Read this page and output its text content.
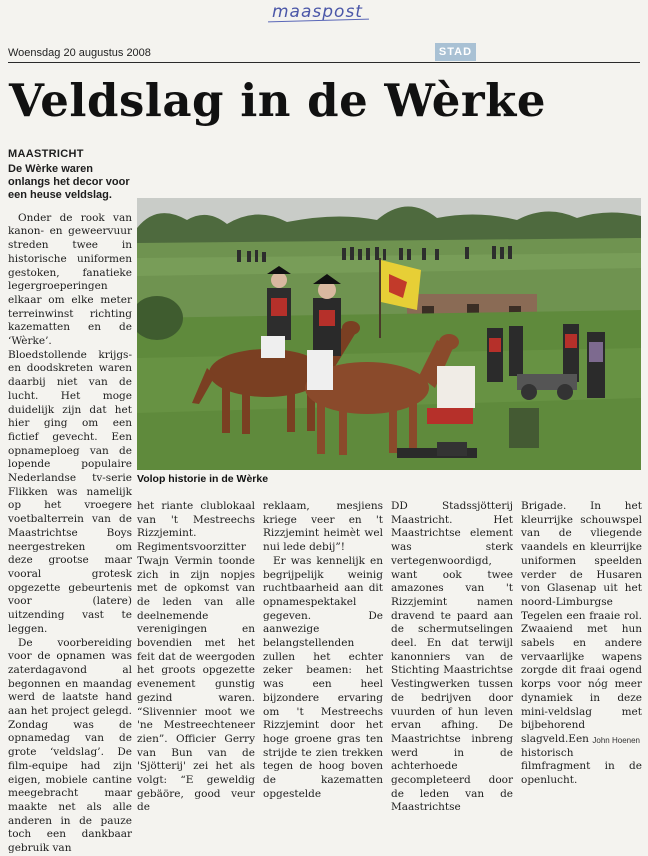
maaspost
Woensdag 20 augustus 2008	STAD
Veldslag in de Wèrke
MAASTRICHT
De Wèrke waren onlangs het decor voor een heuse veldslag.

Onder de rook van kanon- en geweervuur streden twee in historische uniformen gestoken, fanatieke legergroeperingen elkaar om elke meter terreinwinst richting kazematten en de ‘Wèrke’. Bloedstollende krijgs- en doodskreten waren daarbij niet van de lucht. Het moge duidelijk zijn dat het hier ging om een fictief gevecht. Een opnameploeg van de lopende populaire Nederlandse tv-serie Flikken was namelijk op het vroegere voetbalterrein van de Maastrichtse Boys neergestreken om deze grootse maar vooral grotesk opgezette gebeurtenis voor (latere) uitzending vast te leggen.

De voorbereiding voor de opnamen was zaterdagavond al begonnen en maandag werd de laatste hand aan het project gelegd. Zondag was de opnamedag van de grote ‘veldslag’. De film-equipe had zijn eigen, mobiele cantine meegebracht maar maakte net als alle anderen in de pauze toch een dankbaar gebruik van

Volop historie in de Wèrke

het riante clublokaal van 't Mestreechs Rizzjemint. Regimentsvoorzitter Twajn Vermin toonde zich in zijn nopjes met de opkomst van de leden van alle deelnemende verenigingen en bovendien met het feit dat de weergoden het groots opgezette evenement gunstig gezind waren. “Slivennier moot we 'ne Mestreechteneer zien”. Officier Gerry van Bun van de 'Sjötterij' zei het als volgt: “E geweldig gebäöre, good veur de

reklaam, mesjiens kriege veer en 't Rizzjemint heimèt wel nui lede debij”!

Er was kennelijk en begrijpelijk weinig ruchtbaarheid aan dit opnamespektakel gegeven. De aanwezige belangstellenden zullen het echter zeker beamen: het was een heel bijzondere ervaring om 't Mestreechs Rizzjemint door het hoge groene gras ten strijde te zien trekken tegen de hoog boven de kazematten opgestelde

DD Stadssjötterij Maastricht. Het Maastrichtse element was sterk vertegenwoordigd, want ook twee amazones van 't Rizzjemint namen dravend te paard aan de schermutselingen deel. En dat terwijl kanonniers van de Stichting Maastrichtse Vestingwerken tussen de bedrijven door vuurden of hun leven ervan afhing. De Maastrichtse inbreng werd in de achterhoede gecompleteerd door de leden van de Maastrichtse

Brigade. In het kleurrijke schouwspel van de vliegende vaandels en kleurrijke uniformen speelden verder de Husaren von Glasenap uit het noord-Limburgse Tegelen een fraaie rol. Zwaaiend met hun sabels en andere vervaarlijke wapens zorgde dit fraai ogend korps voor nóg meer dynamiek in deze mini-veldslag met bijbehorend slagveld.Een historisch filmfragment in de openlucht.

John Hoenen
